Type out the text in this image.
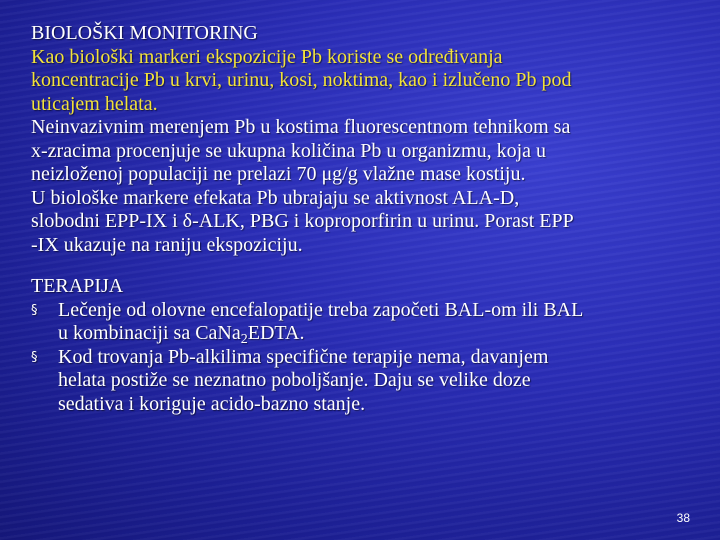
BIOLOŠKI MONITORING
Kao biološki markeri ekspozicije Pb koriste se određivanja
koncentracije Pb u krvi, urinu, kosi, noktima, kao i izlučeno Pb pod
uticajem helata.
Neinvazivnim merenjem Pb u kostima fluorescentnom tehnikom sa
x-zracima procenjuje se ukupna količina Pb u organizmu, koja u
neizloženoj populaciji ne prelazi 70 μg/g vlažne mase kostiju.
U biološke markere efekata Pb ubrajaju se aktivnost ALA-D,
slobodni EPP-IX i δ-ALK, PBG i koproporfirin u urinu. Porast EPP
-IX ukazuje na raniju ekspoziciju.
TERAPIJA
§ Lečenje od olovne encefalopatije treba započeti BAL-om ili BAL
u kombinaciji sa CaNa$_2$EDTA.
§ Kod trovanja Pb-alkilima specifične terapije nema, davanjem
helata postiže se neznatno poboljšanje. Daju se velike doze
sedativa i koriguje acido-bazno stanje.
38
